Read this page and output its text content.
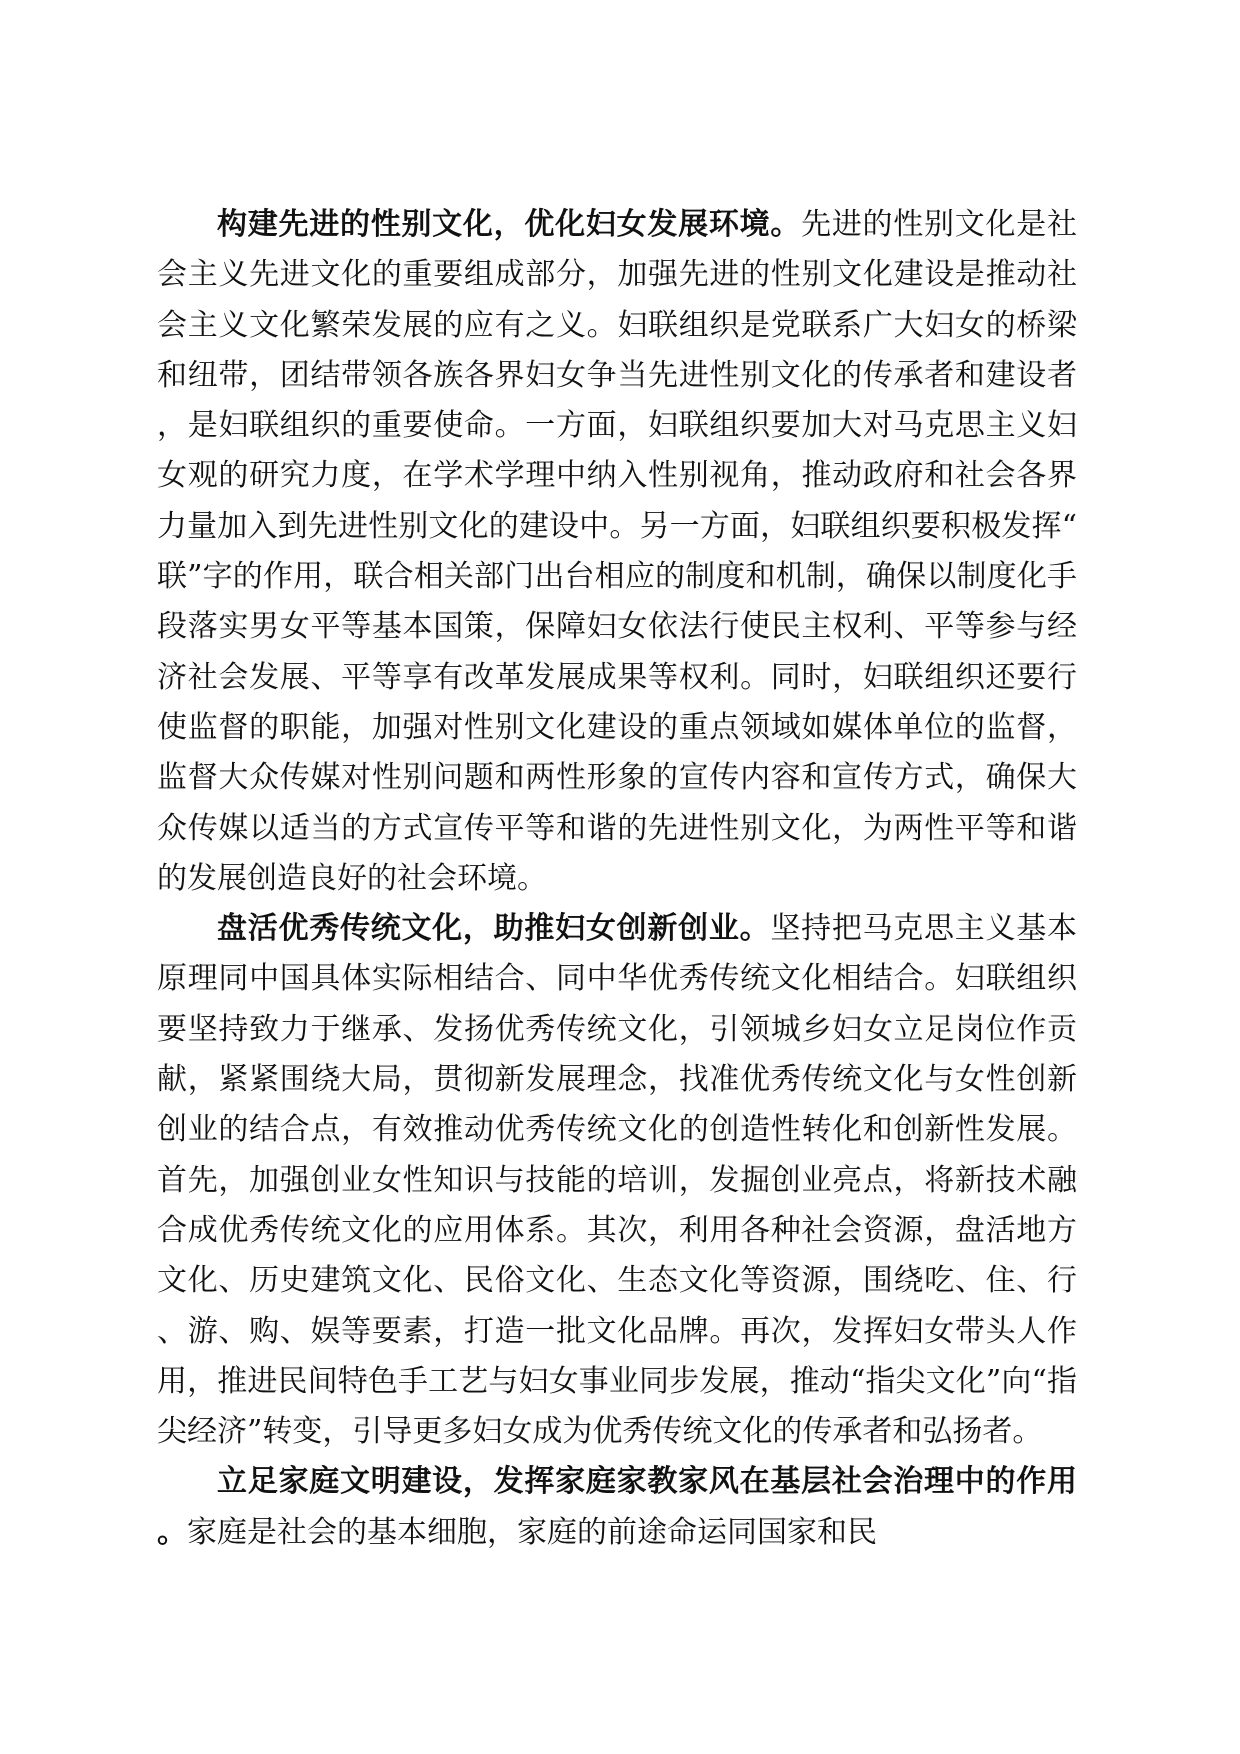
构建先进的性别文化，优化妇女发展环境。先进的性别文化是社会主义先进文化的重要组成部分，加强先进的性别文化建设是推动社会主义文化繁荣发展的应有之义。妇联组织是党联系广大妇女的桥梁和纽带，团结带领各族各界妇女争当先进性别文化的传承者和建设者，是妇联组织的重要使命。一方面，妇联组织要加大对马克思主义妇女观的研究力度，在学术学理中纳入性别视角，推动政府和社会各界力量加入到先进性别文化的建设中。另一方面，妇联组织要积极发挥“联”字的作用，联合相关部门出台相应的制度和机制，确保以制度化手段落实男女平等基本国策，保障妇女依法行使民主权利、平等参与经济社会发展、平等享有改革发展成果等权利。同时，妇联组织还要行使监督的职能，加强对性别文化建设的重点领域如媒体单位的监督，监督大众传媒对性别问题和两性形象的宣传内容和宣传方式，确保大众传媒以适当的方式宣传平等和谐的先进性别文化，为两性平等和谐的发展创造良好的社会环境。

盘活优秀传统文化，助推妇女创新创业。坚持把马克思主义基本原理同中国具体实际相结合、同中华优秀传统文化相结合。妇联组织要坚持致力于继承、发扬优秀传统文化，引领城乡妇女立足岗位作贡献，紧紧围绕大局，贯彻新发展理念，找准优秀传统文化与女性创新创业的结合点，有效推动优秀传统文化的创造性转化和创新性发展。首先，加强创业女性知识与技能的培训，发掘创业亮点，将新技术融合成优秀传统文化的应用体系。其次，利用各种社会资源，盘活地方文化、历史建筑文化、民俗文化、生态文化等资源，围绕吃、住、行、游、购、娱等要素，打造一批文化品牌。再次，发挥妇女带头人作用，推进民间特色手工艺与妇女事业同步发展，推动“指尖文化”向“指尖经济”转变，引导更多妇女成为优秀传统文化的传承者和弘扬者。

立足家庭文明建设，发挥家庭家教家风在基层社会治理中的作用。家庭是社会的基本细胞，家庭的前途命运同国家和民
